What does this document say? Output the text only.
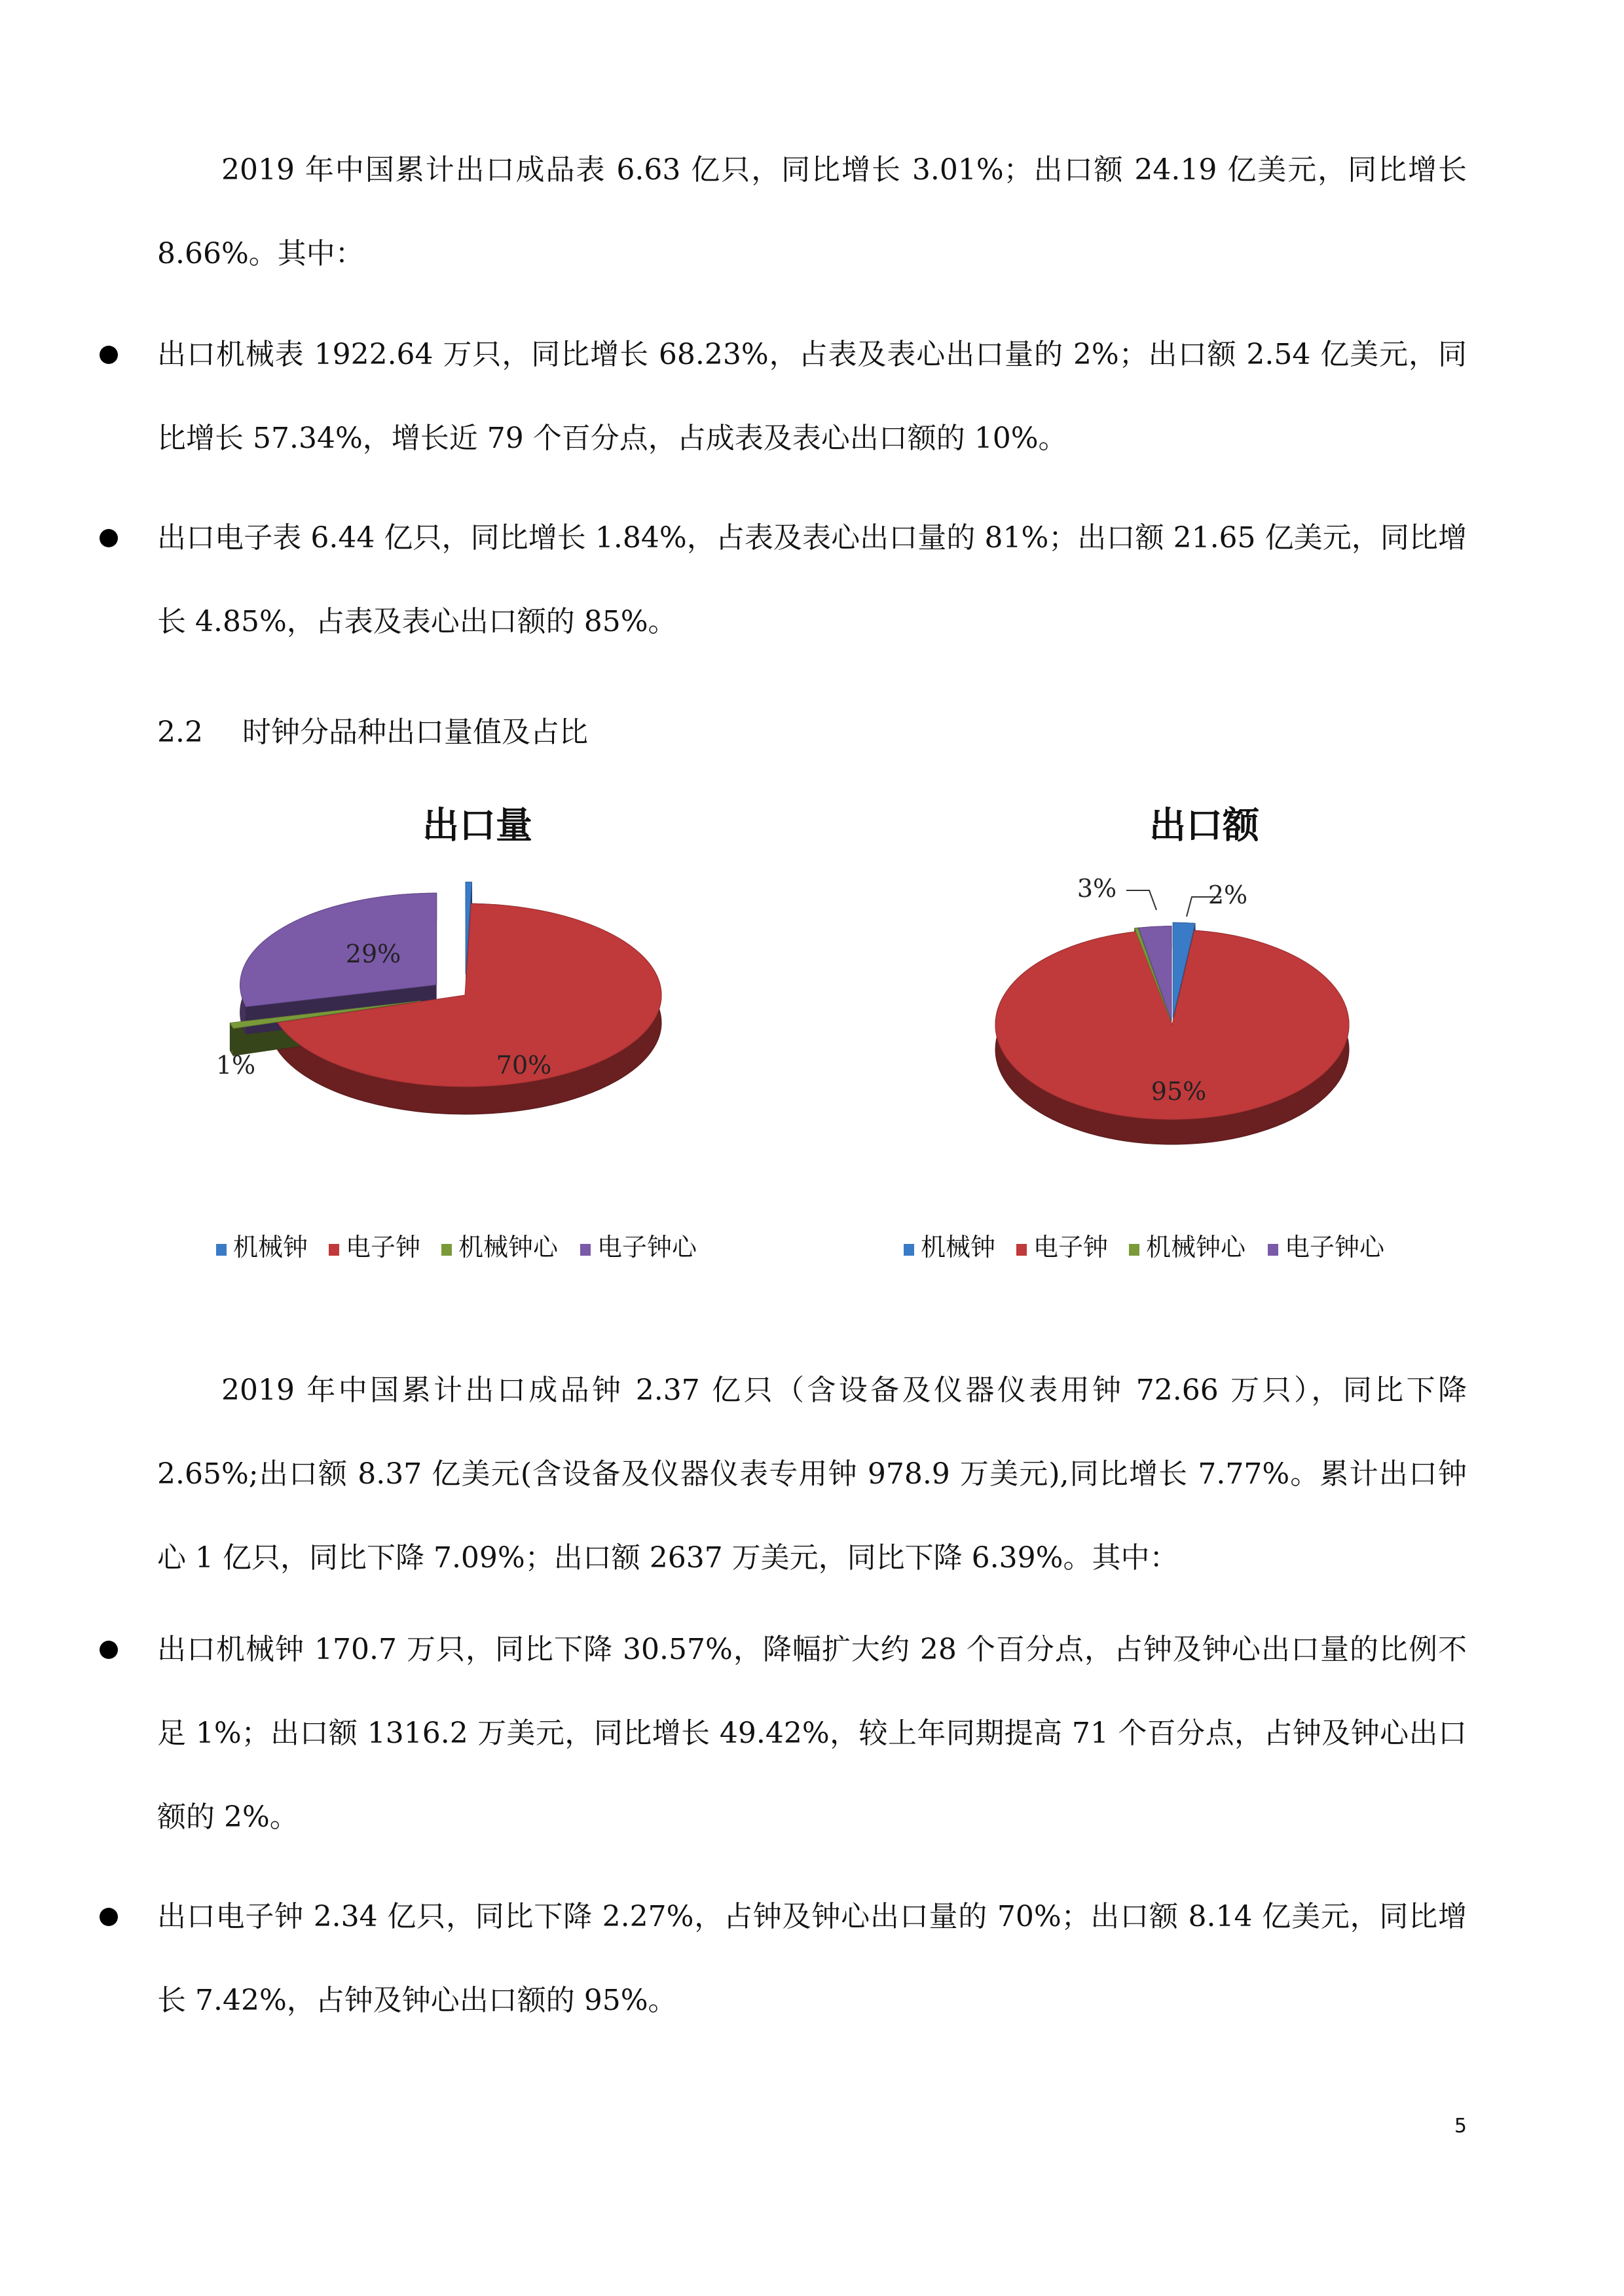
2019 年中国累计出口成品表 6.63 亿只，同比增长 3.01%；出口额 24.19 亿美元，同比增长 8.66%。其中：

出口机械表 1922.64 万只，同比增长 68.23%，占表及表心出口量的 2%；出口额 2.54 亿美元，同比增长 57.34%，增长近 79 个百分点，占成表及表心出口额的 10%。

出口电子表 6.44 亿只，同比增长 1.84%，占表及表心出口量的 81%；出口额 21.65 亿美元，同比增长 4.85%，占表及表心出口额的 85%。

2.2 时钟分品种出口量值及占比
出口量
70%
1%
29%
机械钟 电子钟 机械钟心 电子钟心
出口额
2%
95%
3%
机械钟 电子钟 机械钟心 电子钟心

2019 年中国累计出口成品钟 2.37 亿只（含设备及仪器仪表用钟 72.66 万只），同比下降 2.65%;出口额 8.37 亿美元(含设备及仪器仪表专用钟 978.9 万美元),同比增长 7.77%。累计出口钟心 1 亿只，同比下降 7.09%；出口额 2637 万美元，同比下降 6.39%。其中：

出口机械钟 170.7 万只，同比下降 30.57%，降幅扩大约 28 个百分点，占钟及钟心出口量的比例不足 1%；出口额 1316.2 万美元，同比增长 49.42%，较上年同期提高 71 个百分点，占钟及钟心出口额的 2%。

出口电子钟 2.34 亿只，同比下降 2.27%，占钟及钟心出口量的 70%；出口额 8.14 亿美元，同比增长 7.42%，占钟及钟心出口额的 95%。

5
